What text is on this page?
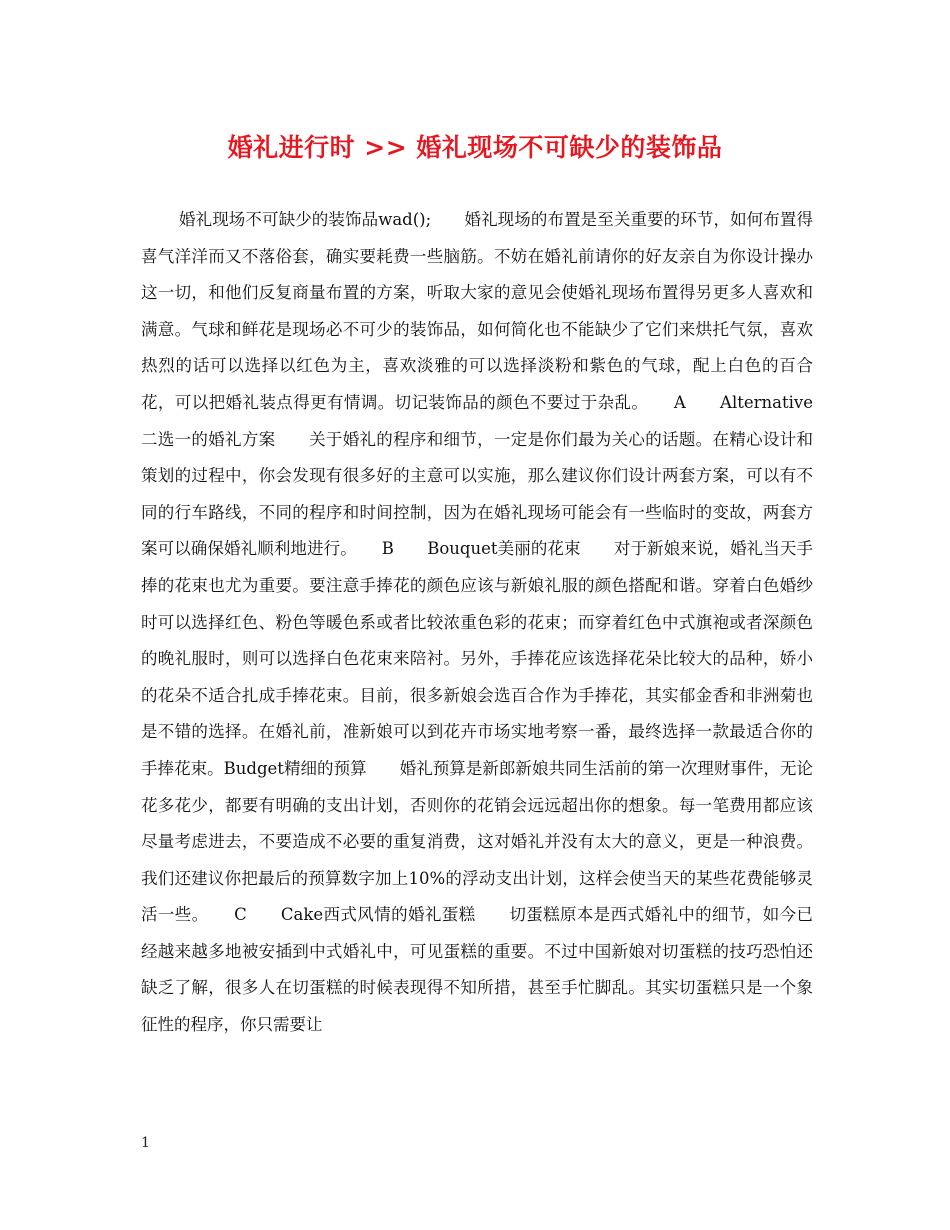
婚礼进行时 >> 婚礼现场不可缺少的装饰品

婚礼现场不可缺少的装饰品wad();　　婚礼现场的布置是至关重要的环节，如何布置得喜气洋洋而又不落俗套，确实要耗费一些脑筋。不妨在婚礼前请你的好友亲自为你设计操办这一切，和他们反复商量布置的方案，听取大家的意见会使婚礼现场布置得另更多人喜欢和满意。气球和鲜花是现场必不可少的装饰品，如何简化也不能缺少了它们来烘托气氛，喜欢热烈的话可以选择以红色为主，喜欢淡雅的可以选择淡粉和紫色的气球，配上白色的百合花，可以把婚礼装点得更有情调。切记装饰品的颜色不要过于杂乱。　　A　　Alternative二选一的婚礼方案　　关于婚礼的程序和细节，一定是你们最为关心的话题。在精心设计和策划的过程中，你会发现有很多好的主意可以实施，那么建议你们设计两套方案，可以有不同的行车路线，不同的程序和时间控制，因为在婚礼现场可能会有一些临时的变故，两套方案可以确保婚礼顺利地进行。　　B　　Bouquet美丽的花束　　对于新娘来说，婚礼当天手捧的花束也尤为重要。要注意手捧花的颜色应该与新娘礼服的颜色搭配和谐。穿着白色婚纱时可以选择红色、粉色等暖色系或者比较浓重色彩的花束；而穿着红色中式旗袍或者深颜色的晚礼服时，则可以选择白色花束来陪衬。另外，手捧花应该选择花朵比较大的品种，娇小的花朵不适合扎成手捧花束。目前，很多新娘会选百合作为手捧花，其实郁金香和非洲菊也是不错的选择。在婚礼前，准新娘可以到花卉市场实地考察一番，最终选择一款最适合你的手捧花束。Budget精细的预算　　婚礼预算是新郎新娘共同生活前的第一次理财事件，无论花多花少，都要有明确的支出计划，否则你的花销会远远超出你的想象。每一笔费用都应该尽量考虑进去，不要造成不必要的重复消费，这对婚礼并没有太大的意义，更是一种浪费。我们还建议你把最后的预算数字加上10%的浮动支出计划，这样会使当天的某些花费能够灵活一些。　　C　　Cake西式风情的婚礼蛋糕　　切蛋糕原本是西式婚礼中的细节，如今已经越来越多地被安插到中式婚礼中，可见蛋糕的重要。不过中国新娘对切蛋糕的技巧恐怕还缺乏了解，很多人在切蛋糕的时候表现得不知所措，甚至手忙脚乱。其实切蛋糕只是一个象征性的程序，你只需要让

1
